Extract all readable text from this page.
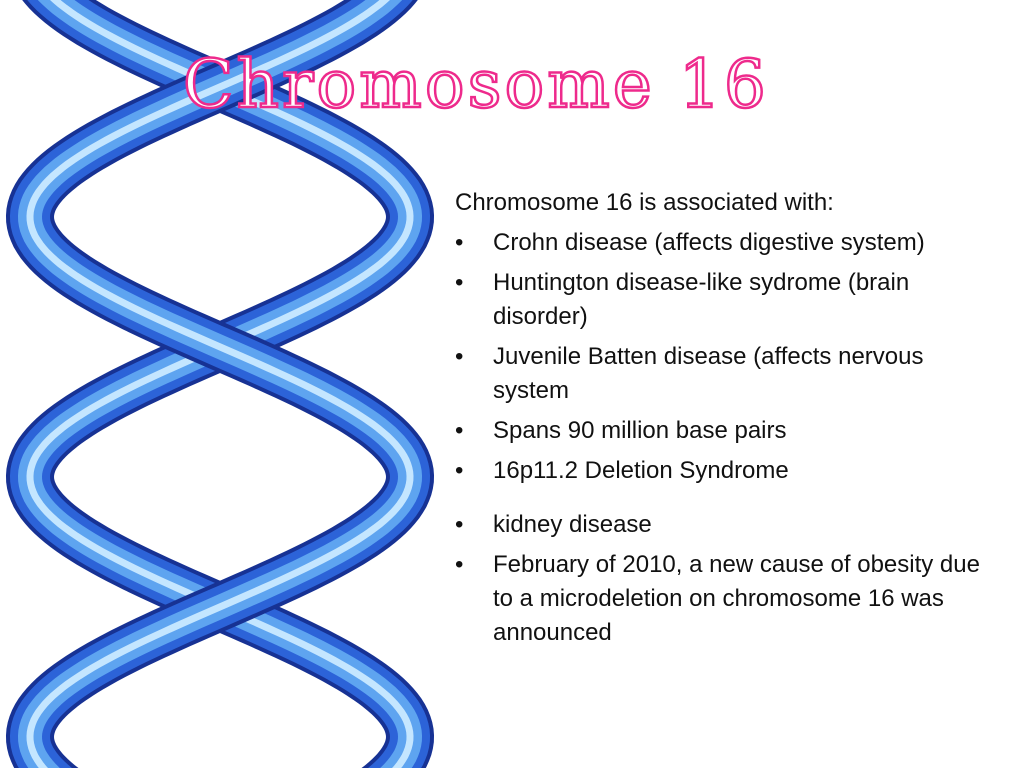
Chromosome 16

Chromosome 16 is associated with:

• Crohn disease (affects digestive system)
• Huntington disease-like sydrome (brain disorder)
• Juvenile Batten disease (affects nervous system
• Spans 90 million base pairs
• 16p11.2 Deletion Syndrome
• kidney disease
• February of 2010, a new cause of obesity due to a microdeletion on chromosome 16 was announced
